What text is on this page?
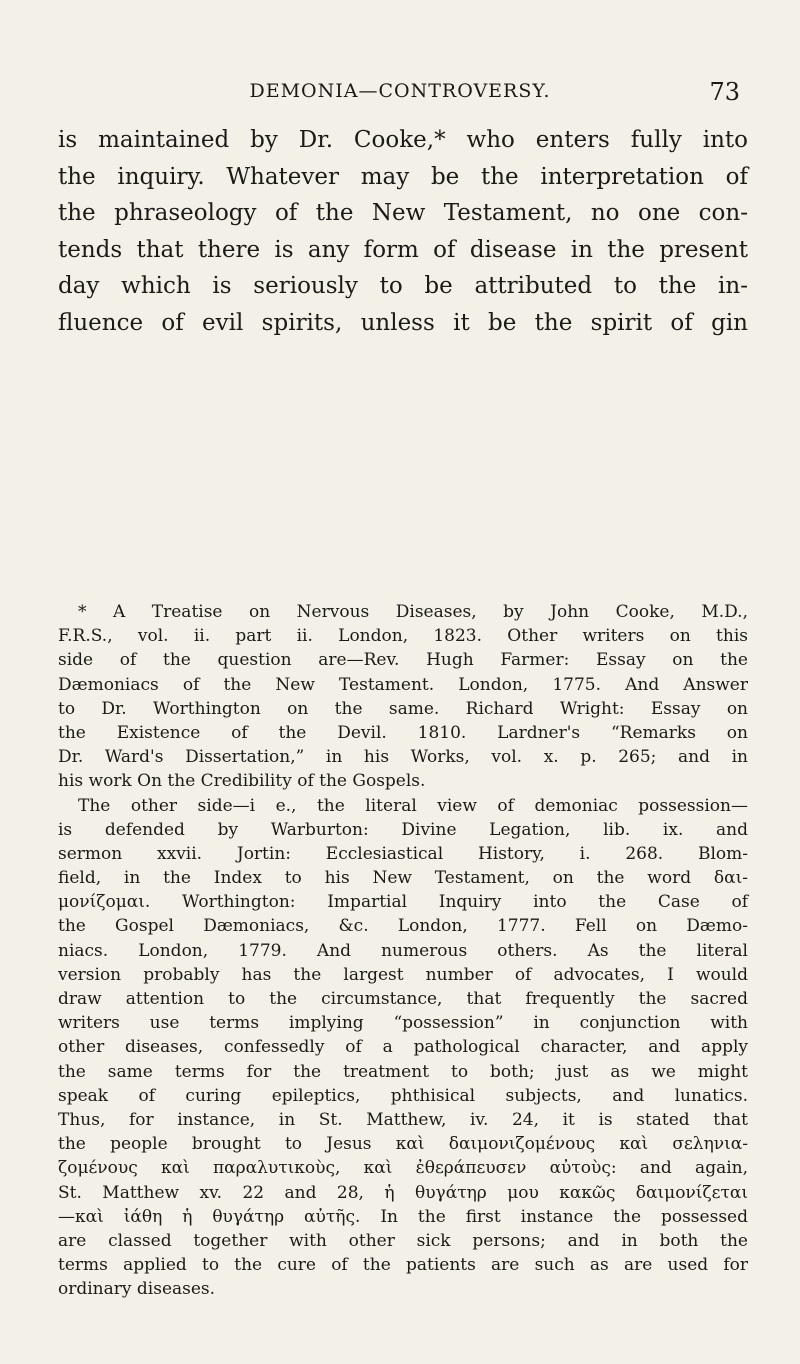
DEMONIA—CONTROVERSY.	73
is maintained by Dr. Cooke,* who enters fully into
the inquiry. Whatever may be the interpretation of
the phraseology of the New Testament, no one con-
tends that there is any form of disease in the present
day which is seriously to be attributed to the in-
fluence of evil spirits, unless it be the spirit of gin
* A Treatise on Nervous Diseases, by John Cooke, M.D.,
F.R.S., vol. ii. part ii. London, 1823. Other writers on this
side of the question are—Rev. Hugh Farmer: Essay on the
Dæmoniacs of the New Testament. London, 1775. And Answer
to Dr. Worthington on the same. Richard Wright: Essay on
the Existence of the Devil. 1810. Lardner's “Remarks on
Dr. Ward's Dissertation,” in his Works, vol. x. p. 265; and in
his work On the Credibility of the Gospels.
The other side—i e., the literal view of demoniac possession—
is defended by Warburton: Divine Legation, lib. ix. and
sermon xxvii. Jortin: Ecclesiastical History, i. 268. Blom-
field, in the Index to his New Testament, on the word δαι-
μονίζομαι. Worthington: Impartial Inquiry into the Case of
the Gospel Dæmoniacs, &c. London, 1777. Fell on Dæmo-
niacs. London, 1779. And numerous others. As the literal
version probably has the largest number of advocates, I would
draw attention to the circumstance, that frequently the sacred
writers use terms implying “possession” in conjunction with
other diseases, confessedly of a pathological character, and apply
the same terms for the treatment to both; just as we might
speak of curing epileptics, phthisical subjects, and lunatics.
Thus, for instance, in St. Matthew, iv. 24, it is stated that
the people brought to Jesus καὶ δαιμονιζομένους καὶ σεληνια-
ζομένους καὶ παραλυτικοὺς, καὶ ἐθεράπευσεν αὐτοὺς: and again,
St. Matthew xv. 22 and 28, ἡ θυγάτηρ μου κακῶς δαιμονίζεται
—καὶ ἰάθη ἡ θυγάτηρ αὐτῆς. In the first instance the possessed
are classed together with other sick persons; and in both the
terms applied to the cure of the patients are such as are used for
ordinary diseases.
